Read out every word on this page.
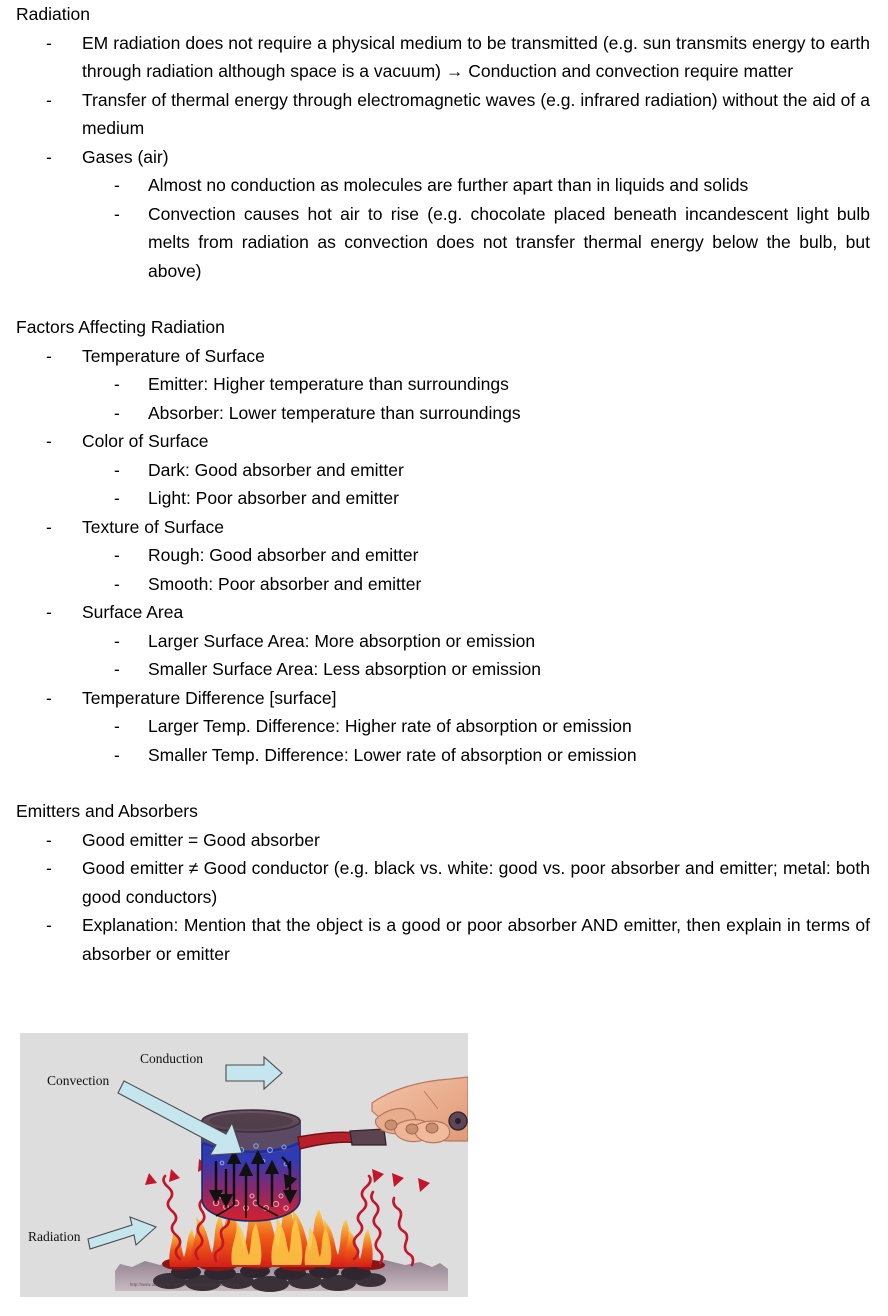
Radiation
-	EM radiation does not require a physical medium to be transmitted (e.g. sun transmits energy to earth through radiation although space is a vacuum) → Conduction and convection require matter
-	Transfer of thermal energy through electromagnetic waves (e.g. infrared radiation) without the aid of a medium
-	Gases (air)
-	Almost no conduction as molecules are further apart than in liquids and solids
-	Convection causes hot air to rise (e.g. chocolate placed beneath incandescent light bulb melts from radiation as convection does not transfer thermal energy below the bulb, but above)
Factors Affecting Radiation
-	Temperature of Surface
-	Emitter: Higher temperature than surroundings
-	Absorber: Lower temperature than surroundings
-	Color of Surface
-	Dark: Good absorber and emitter
-	Light: Poor absorber and emitter
-	Texture of Surface
-	Rough: Good absorber and emitter
-	Smooth: Poor absorber and emitter
-	Surface Area
-	Larger Surface Area: More absorption or emission
-	Smaller Surface Area: Less absorption or emission
-	Temperature Difference [surface]
-	Larger Temp. Difference: Higher rate of absorption or emission
-	Smaller Temp. Difference: Lower rate of absorption or emission
Emitters and Absorbers
-	Good emitter = Good absorber
-	Good emitter ≠ Good conductor (e.g. black vs. white: good vs. poor absorber and emitter; metal: both good conductors)
-	Explanation: Mention that the object is a good or poor absorber AND emitter, then explain in terms of absorber or emitter
Conduction
Convection
Radiation
http://www.uwsp.edu/~sdepistaos101/w&5/heattrans.jpg
